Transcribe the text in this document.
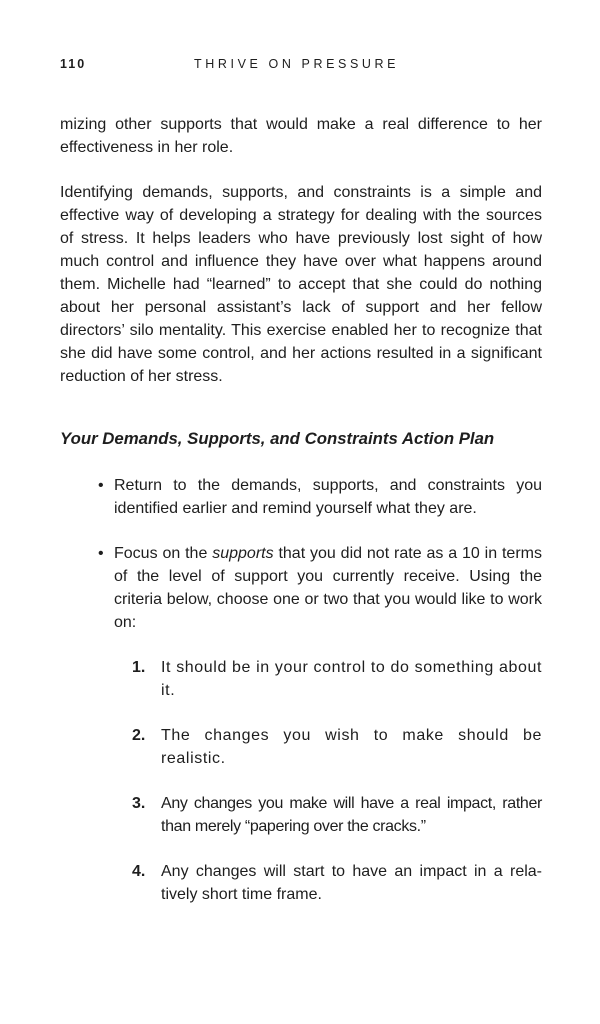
110	THRIVE ON PRESSURE

mizing other supports that would make a real difference to her effectiveness in her role.

Identifying demands, supports, and constraints is a simple and effective way of developing a strategy for dealing with the sources of stress. It helps leaders who have previously lost sight of how much control and influence they have over what happens around them. Michelle had “learned” to accept that she could do nothing about her personal assistant’s lack of support and her fellow directors’ silo mentality. This exercise enabled her to recognize that she did have some control, and her actions resulted in a significant reduction of her stress.

Your Demands, Supports, and Constraints Action Plan
• Return to the demands, supports, and constraints you identified earlier and remind yourself what they are.
• Focus on the supports that you did not rate as a 10 in terms of the level of support you currently receive. Using the criteria below, choose one or two that you would like to work on:
1. It should be in your control to do something about it.
2. The changes you wish to make should be realistic.
3. Any changes you make will have a real impact, rather than merely “papering over the cracks.”
4. Any changes will start to have an impact in a relatively short time frame.
